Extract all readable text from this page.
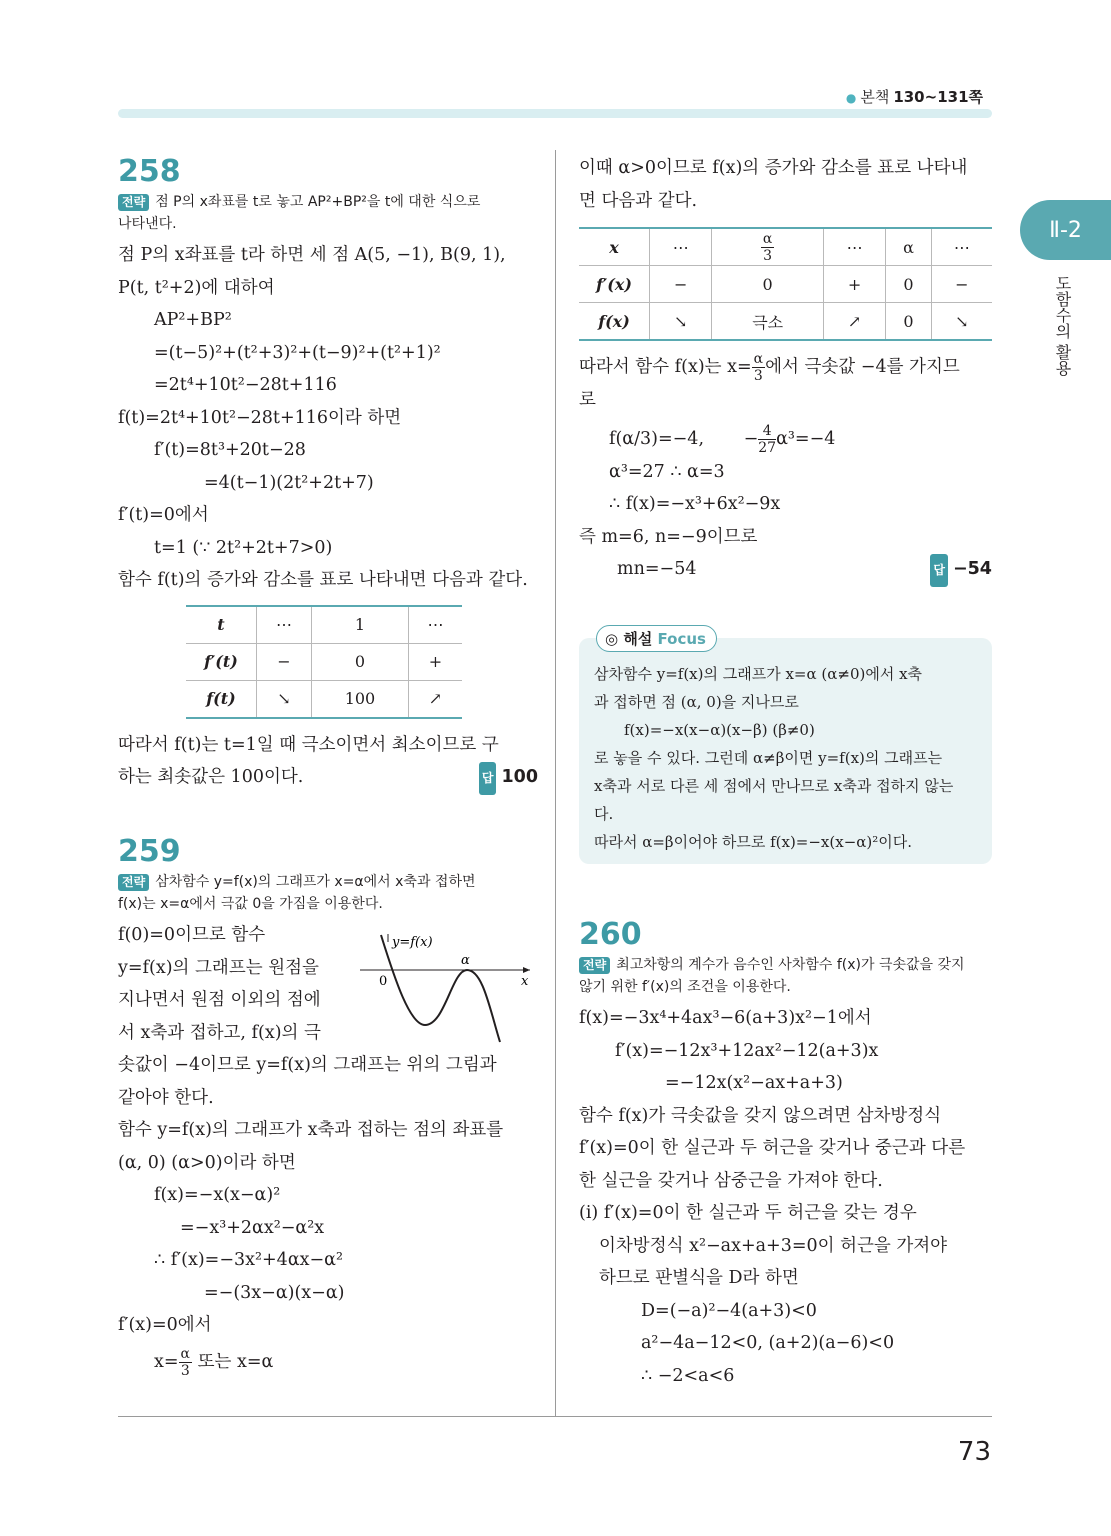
● 본책 130~131쪽
Ⅱ-2
도함수의 활용
258
전략 점 P의 x좌표를 t로 놓고 AP²+BP²을 t에 대한 식으로
나타낸다.
점 P의 x좌표를 t라 하면 세 점 A(5, −1), B(9, 1),
P(t, t²+2)에 대하여
AP²+BP²
=(t−5)²+(t²+3)²+(t−9)²+(t²+1)²
=2t⁴+10t²−28t+116
f(t)=2t⁴+10t²−28t+116이라 하면
f′(t)=8t³+20t−28
=4(t−1)(2t²+2t+7)
f′(t)=0에서
t=1 (∵ 2t²+2t+7>0)
함수 f(t)의 증가와 감소를 표로 나타내면 다음과 같다.
t	⋯	1	⋯
f′(t)	−	0	+
f(t)	↘	100	↗
따라서 f(t)는 t=1일 때 극소이면서 최소이므로 구
하는 최솟값은 100이다.	답 100
259
전략 삼차함수 y=f(x)의 그래프가 x=α에서 x축과 접하면
f(x)는 x=α에서 극값 0을 가짐을 이용한다.
f(0)=0이므로 함수
y=f(x)의 그래프는 원점을
지나면서 원점 이외의 점에
서 x축과 접하고, f(x)의 극
솟값이 −4이므로 y=f(x)의 그래프는 위의 그림과
같아야 한다.
함수 y=f(x)의 그래프가 x축과 접하는 점의 좌표를
(α, 0) (α>0)이라 하면
f(x)=−x(x−α)²
=−x³+2αx²−α²x
∴ f′(x)=−3x²+4αx−α²
=−(3x−α)(x−α)
f′(x)=0에서
$x= \frac{\alpha}{3}$ 또는 x=α
y=f(x)
α
0	x
이때 α>0이므로 f(x)의 증가와 감소를 표로 나타내
면 다음과 같다.
x	⋯	$\frac{\alpha}{3}$	⋯	α	⋯
f′(x)	−	0	+	0	−
f(x)	↘	극소	↗	0	↘
따라서 함수 f(x)는 $x= \frac{\alpha}{3}$ 에서 극솟값 −4를 가지므
로
f(α/3)=−4, − $\frac{4}{27} \alpha^3=-4$
α³=27 ∴ α=3
∴ f(x)=−x³+6x²−9x
즉 m=6, n=−9이므로
mn=−54	답 −54
◎ 해설 Focus
삼차함수 y=f(x)의 그래프가 x=α (α≠0)에서 x축
과 접하면 점 (α, 0)을 지나므로
f(x)=−x(x−α)(x−β) (β≠0)
로 놓을 수 있다. 그런데 α≠β이면 y=f(x)의 그래프는
x축과 서로 다른 세 점에서 만나므로 x축과 접하지 않는
다.
따라서 α=β이어야 하므로 f(x)=−x(x−α)²이다.
260
전략 최고차항의 계수가 음수인 사차함수 f(x)가 극솟값을 갖지
않기 위한 f′(x)의 조건을 이용한다.
f(x)=−3x⁴+4ax³−6(a+3)x²−1에서
f′(x)=−12x³+12ax²−12(a+3)x
=−12x(x²−ax+a+3)
함수 f(x)가 극솟값을 갖지 않으려면 삼차방정식
f′(x)=0이 한 실근과 두 허근을 갖거나 중근과 다른
한 실근을 갖거나 삼중근을 가져야 한다.
(i) f′(x)=0이 한 실근과 두 허근을 갖는 경우
이차방정식 x²−ax+a+3=0이 허근을 가져야
하므로 판별식을 D라 하면
D=(−a)²−4(a+3)<0
a²−4a−12<0, (a+2)(a−6)<0
∴ −2<a<6
73
